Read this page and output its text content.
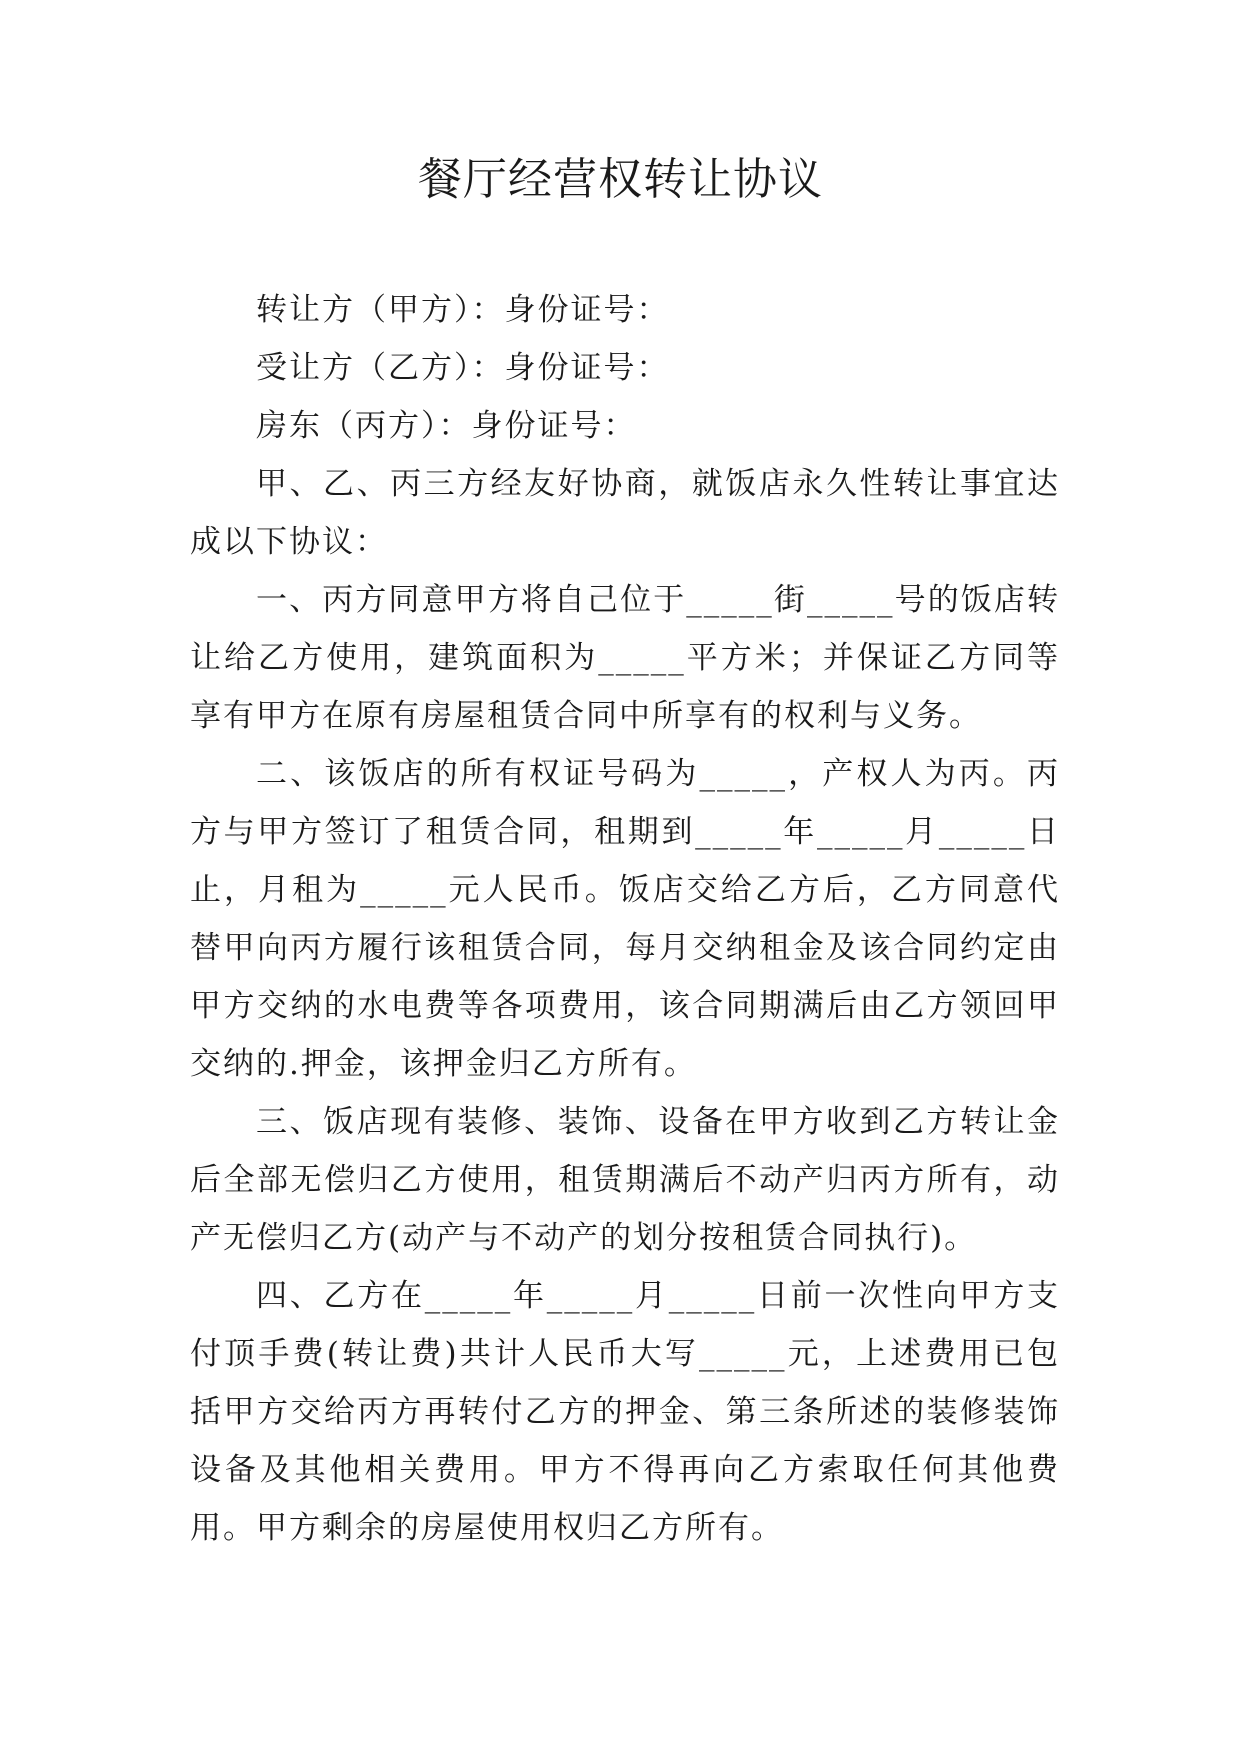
餐厅经营权转让协议

转让方（甲方）：身份证号：

受让方（乙方）：身份证号：

房东（丙方）：身份证号：

甲、乙、丙三方经友好协商，就饭店永久性转让事宜达成以下协议：

一、丙方同意甲方将自己位于_____街_____号的饭店转让给乙方使用，建筑面积为_____平方米；并保证乙方同等享有甲方在原有房屋租赁合同中所享有的权利与义务。

二、该饭店的所有权证号码为_____，产权人为丙。丙方与甲方签订了租赁合同，租期到_____年_____月_____日止，月租为_____元人民币。饭店交给乙方后，乙方同意代替甲向丙方履行该租赁合同，每月交纳租金及该合同约定由甲方交纳的水电费等各项费用，该合同期满后由乙方领回甲交纳的.押金，该押金归乙方所有。

三、饭店现有装修、装饰、设备在甲方收到乙方转让金后全部无偿归乙方使用，租赁期满后不动产归丙方所有，动产无偿归乙方(动产与不动产的划分按租赁合同执行)。

四、乙方在_____年_____月_____日前一次性向甲方支付顶手费(转让费)共计人民币大写_____元，上述费用已包括甲方交给丙方再转付乙方的押金、第三条所述的装修装饰设备及其他相关费用。甲方不得再向乙方索取任何其他费用。甲方剩余的房屋使用权归乙方所有。
